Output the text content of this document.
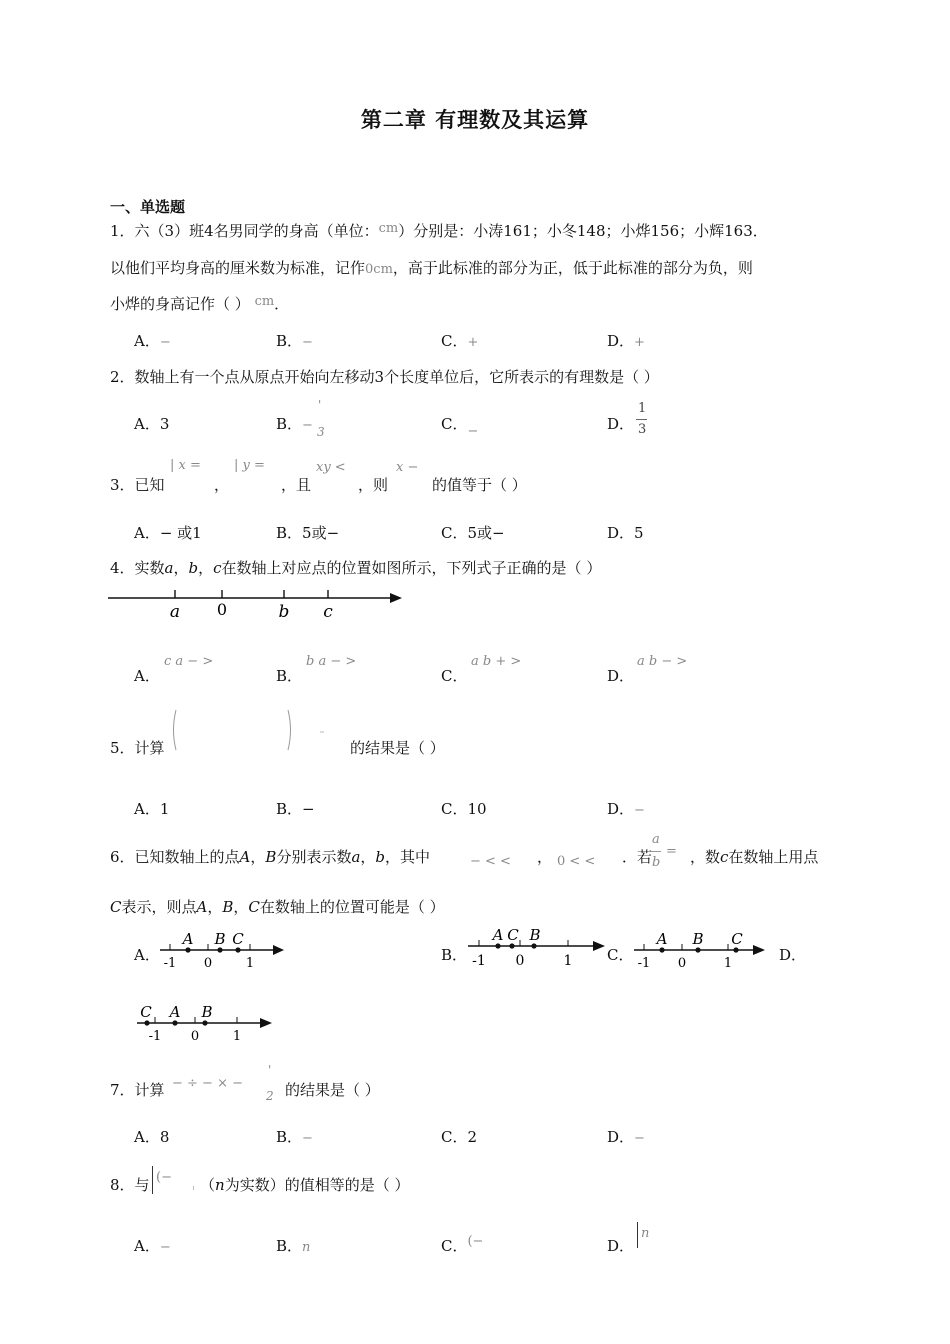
第二章 有理数及其运算
一、单选题
1．六（3）班4名男同学的身高（单位：cm）分别是：小涛161；小冬148；小烨156；小辉163．
以他们平均身高的厘米数为标准，记作0cm，高于此标准的部分为正，低于此标准的部分为负，则
小烨的身高记作（ ） cm．
A．−	B．−	C．+	D．+
2．数轴上有一个点从原点开始向左移动3个长度单位后，它所表示的有理数是（ ）
A．3	B．−
'
3	C．−	D．
1
3
3．已知
| x =
，
| y =
，且
xy <
，则
x −
的值等于（ ）
A．− 或1	B．5或−	C．5或−	D．5
4．实数a，b，c在数轴上对应点的位置如图所示，下列式子正确的是（ ）
a 0	b c
A．
c a − >
B．
b a − >
C．
a b + >
D．
a b − >
5．计算	的结果是（ ）
A．1	B．−	C．10	D．−
6．已知数轴上的点A，B分别表示数a，b，其中	− < < ， 0 < < ．若
a
b
= ，数c在数轴上用点
C表示，则点A，B，C在数轴上的位置可能是（ ）
A．
A B C
-1 0	1	B．
A C B
-1 0	1 C．
A B C
-1 0	1	D．
C A B
-1 0	1
7．计算 − ÷ − × −
'
2 的结果是（ ）
A．8	B．−	C．2	D．−
8．与 (− （n为实数）的值相等的是（ ）
A．−	B．n	C．(−	D．
n
